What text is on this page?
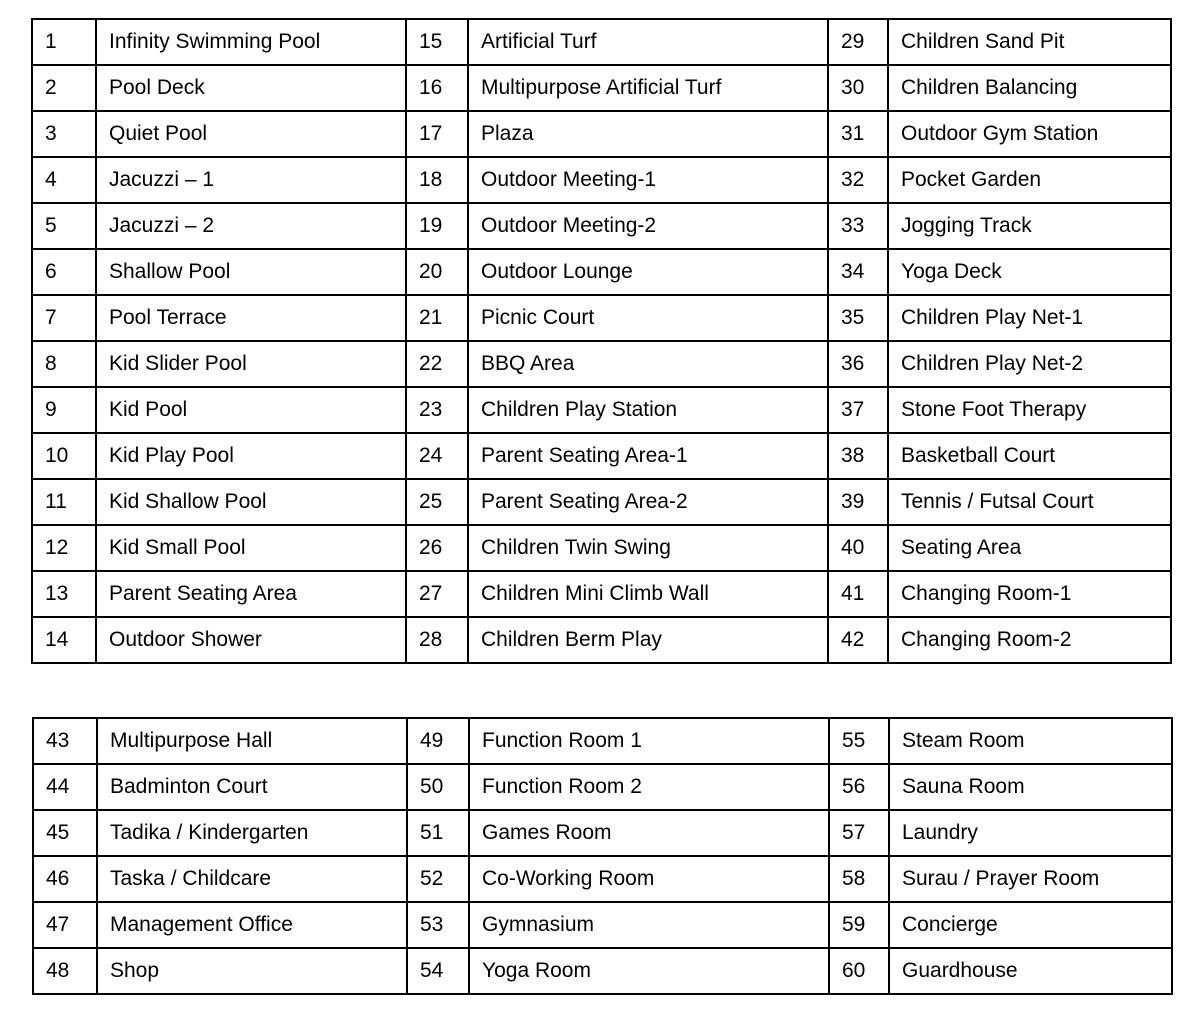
1	Infinity Swimming Pool	15	Artificial Turf	29	Children Sand Pit
2	Pool Deck	16	Multipurpose Artificial Turf	30	Children Balancing
3	Quiet Pool	17	Plaza	31	Outdoor Gym Station
4	Jacuzzi – 1	18	Outdoor Meeting-1	32	Pocket Garden
5	Jacuzzi – 2	19	Outdoor Meeting-2	33	Jogging Track
6	Shallow Pool	20	Outdoor Lounge	34	Yoga Deck
7	Pool Terrace	21	Picnic Court	35	Children Play Net-1
8	Kid Slider Pool	22	BBQ Area	36	Children Play Net-2
9	Kid Pool	23	Children Play Station	37	Stone Foot Therapy
10	Kid Play Pool	24	Parent Seating Area-1	38	Basketball Court
11	Kid Shallow Pool	25	Parent Seating Area-2	39	Tennis / Futsal Court
12	Kid Small Pool	26	Children Twin Swing	40	Seating Area
13	Parent Seating Area	27	Children Mini Climb Wall	41	Changing Room-1
14	Outdoor Shower	28	Children Berm Play	42	Changing Room-2
43	Multipurpose Hall	49	Function Room 1	55	Steam Room
44	Badminton Court	50	Function Room 2	56	Sauna Room
45	Tadika / Kindergarten	51	Games Room	57	Laundry
46	Taska / Childcare	52	Co-Working Room	58	Surau / Prayer Room
47	Management Office	53	Gymnasium	59	Concierge
48	Shop	54	Yoga Room	60	Guardhouse
